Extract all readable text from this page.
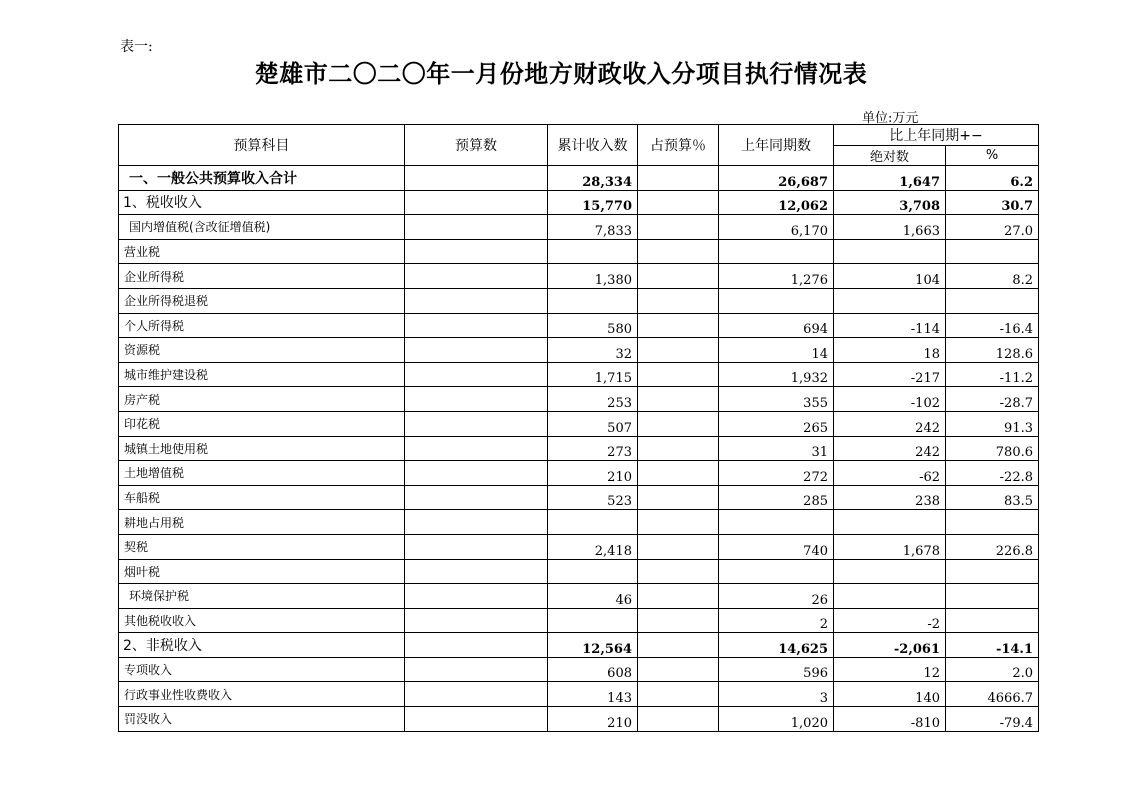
表一:
楚雄市二〇二〇年一月份地方财政收入分项目执行情况表
单位:万元
预算科目	预算数	累计收入数	占预算％	上年同期数	比上年同期+−	
					绝对数	%
一、一般公共预算收入合计		28,334		26,687	1,647	6.2
1、税收收入		15,770		12,062	3,708	30.7
国内增值税(含改征增值税)		7,833		6,170	1,663	27.0
营业税						
企业所得税		1,380		1,276	104	8.2
企业所得税退税						
个人所得税		580		694	-114	-16.4
资源税		32		14	18	128.6
城市维护建设税		1,715		1,932	-217	-11.2
房产税		253		355	-102	-28.7
印花税		507		265	242	91.3
城镇土地使用税		273		31	242	780.6
土地增值税		210		272	-62	-22.8
车船税		523		285	238	83.5
耕地占用税						
契税		2,418		740	1,678	226.8
烟叶税						
环境保护税		46		26		
其他税收收入				2	-2	
2、非税收入		12,564		14,625	-2,061	-14.1
专项收入		608		596	12	2.0
行政事业性收费收入		143		3	140	4666.7
罚没收入		210		1,020	-810	-79.4
